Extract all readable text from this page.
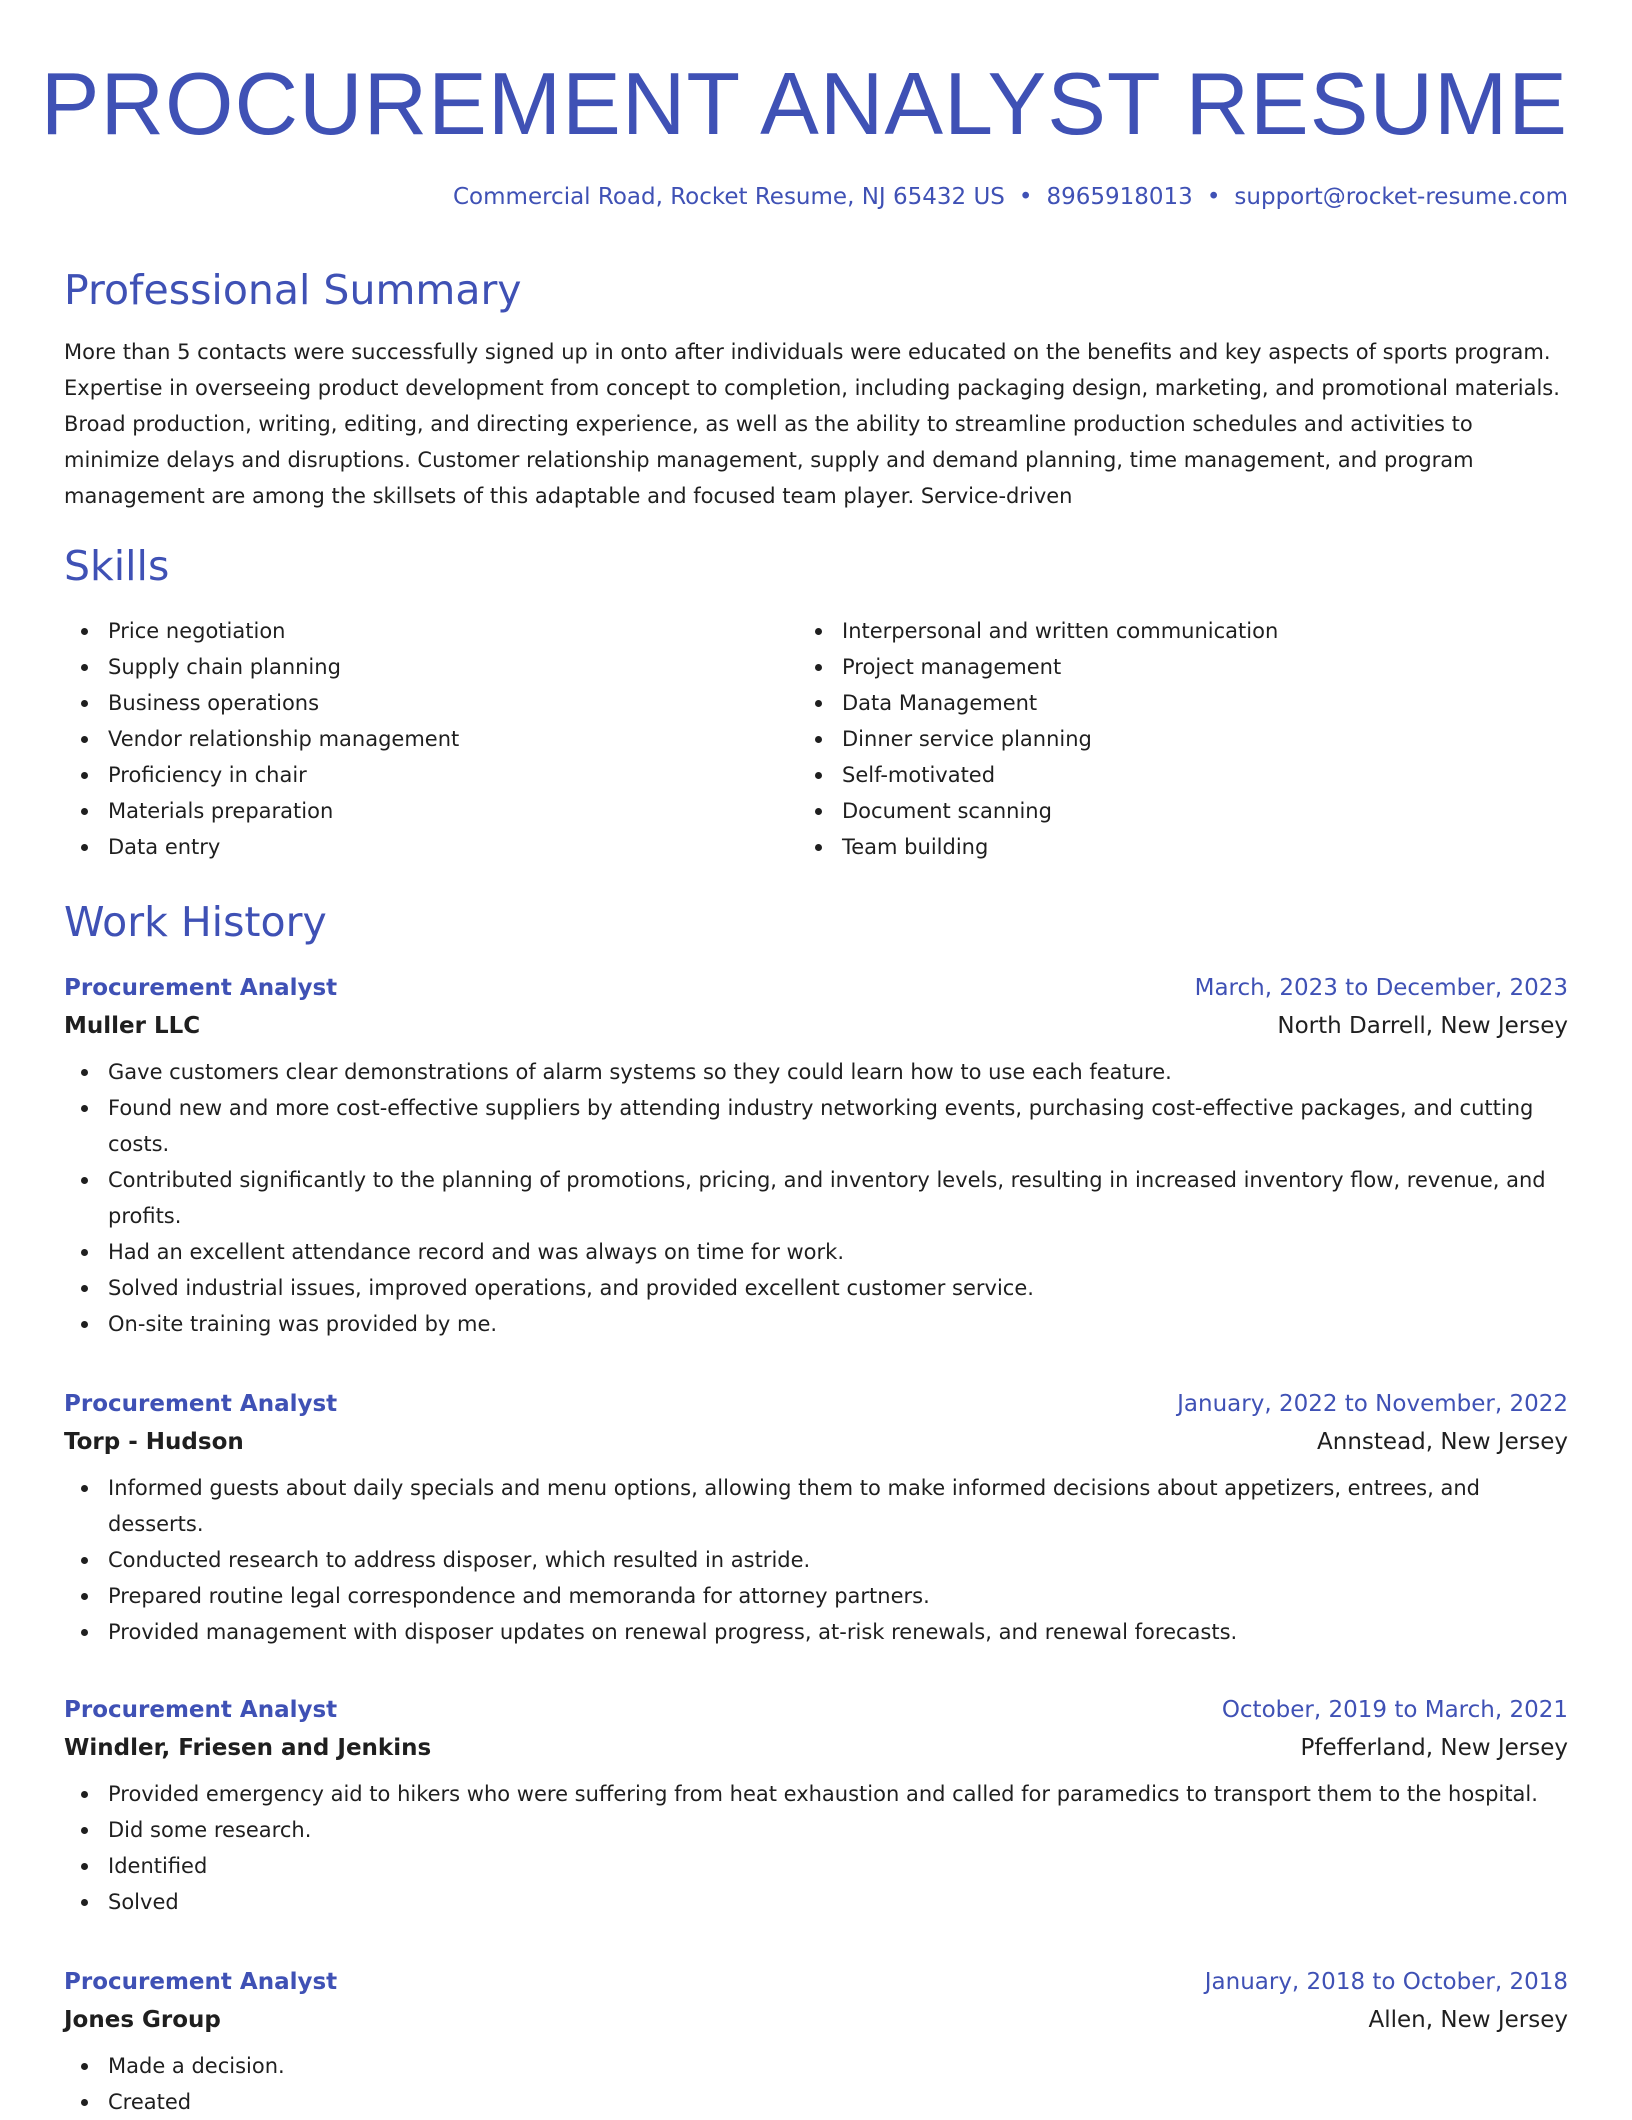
PROCUREMENT ANALYST RESUME
Commercial Road, Rocket Resume, NJ 65432 US • 8965918013 • support@rocket-resume.com
Professional Summary

More than 5 contacts were successfully signed up in onto after individuals were educated on the benefits and key aspects of sports program. Expertise in overseeing product development from concept to completion, including packaging design, marketing, and promotional materials. Broad production, writing, editing, and directing experience, as well as the ability to streamline production schedules and activities to minimize delays and disruptions. Customer relationship management, supply and demand planning, time management, and program management are among the skillsets of this adaptable and focused team player. Service-driven

Skills
Price negotiation
Supply chain planning
Business operations
Vendor relationship management
Proficiency in chair
Materials preparation
Data entry
Interpersonal and written communication
Project management
Data Management
Dinner service planning
Self-motivated
Document scanning
Team building
Work History
Procurement Analyst	March, 2023 to December, 2023
Muller LLC	North Darrell, New Jersey
Gave customers clear demonstrations of alarm systems so they could learn how to use each feature.
Found new and more cost-effective suppliers by attending industry networking events, purchasing cost-effective packages, and cutting costs.
Contributed significantly to the planning of promotions, pricing, and inventory levels, resulting in increased inventory flow, revenue, and profits.
Had an excellent attendance record and was always on time for work.
Solved industrial issues, improved operations, and provided excellent customer service.
On-site training was provided by me.
Procurement Analyst	January, 2022 to November, 2022
Torp - Hudson	Annstead, New Jersey
Informed guests about daily specials and menu options, allowing them to make informed decisions about appetizers, entrees, and desserts.
Conducted research to address disposer, which resulted in astride.
Prepared routine legal correspondence and memoranda for attorney partners.
Provided management with disposer updates on renewal progress, at-risk renewals, and renewal forecasts.
Procurement Analyst	October, 2019 to March, 2021
Windler, Friesen and Jenkins	Pfefferland, New Jersey
Provided emergency aid to hikers who were suffering from heat exhaustion and called for paramedics to transport them to the hospital.
Did some research.
Identified
Solved
Procurement Analyst	January, 2018 to October, 2018
Jones Group	Allen, New Jersey
Made a decision.
Created
